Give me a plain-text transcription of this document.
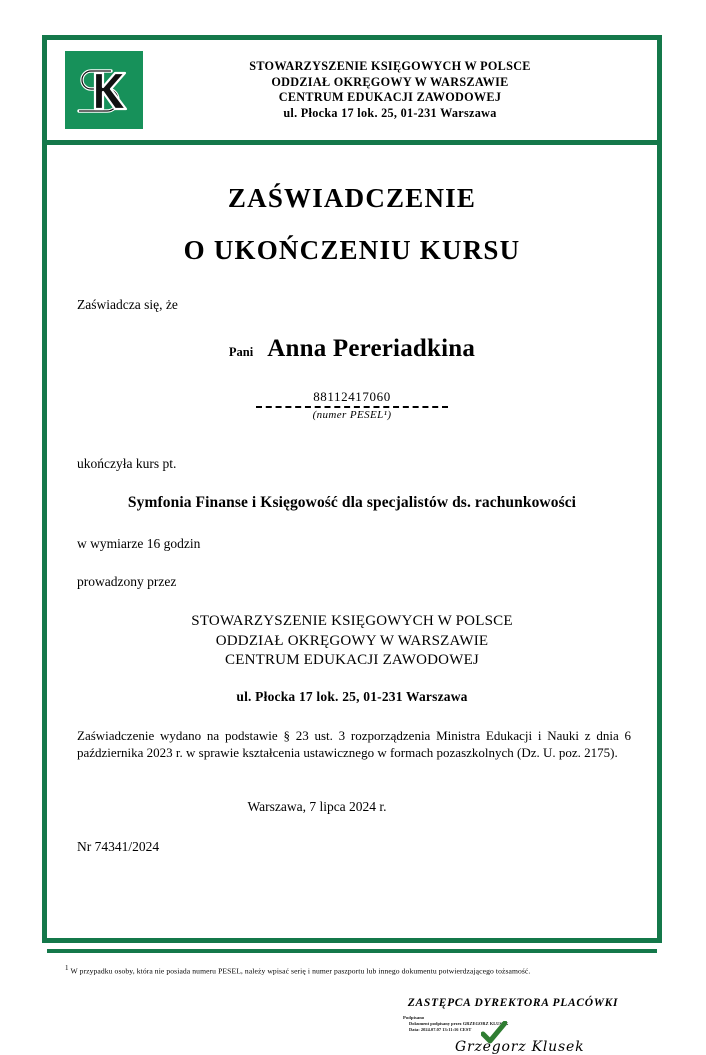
STOWARZYSZENIE KSIĘGOWYCH W POLSCE
ODDZIAŁ OKRĘGOWY W WARSZAWIE
CENTRUM EDUKACJI ZAWODOWEJ
ul. Płocka 17 lok. 25, 01-231 Warszawa
ZAŚWIADCZENIE
O UKOŃCZENIU KURSU
Zaświadcza się, że
Pani Anna Pereriadkina
88112417060
(numer PESEL¹)
ukończyła kurs pt.
Symfonia Finanse i Księgowość dla specjalistów ds. rachunkowości
w wymiarze 16 godzin
prowadzony przez
STOWARZYSZENIE KSIĘGOWYCH W POLSCE
ODDZIAŁ OKRĘGOWY W WARSZAWIE
CENTRUM EDUKACJI ZAWODOWEJ
ul. Płocka 17 lok. 25, 01-231 Warszawa
Zaświadczenie wydano na podstawie § 23 ust. 3 rozporządzenia Ministra Edukacji i Nauki z dnia 6 października 2023 r. w sprawie kształcenia ustawicznego w formach pozaszkolnych (Dz. U. poz. 2175).
Warszawa, 7 lipca 2024 r.
Nr 74341/2024
ZASTĘPCA DYREKTORA PLACÓWKI
Podpisano
Dokument podpisany przez GRZEGORZ KLUSEK
Data: 2024.07.07 13:11:16 CEST
Grzegorz Klusek
$^1$ W przypadku osoby, która nie posiada numeru PESEL, należy wpisać serię i numer paszportu lub innego dokumentu potwierdzającego tożsamość.
